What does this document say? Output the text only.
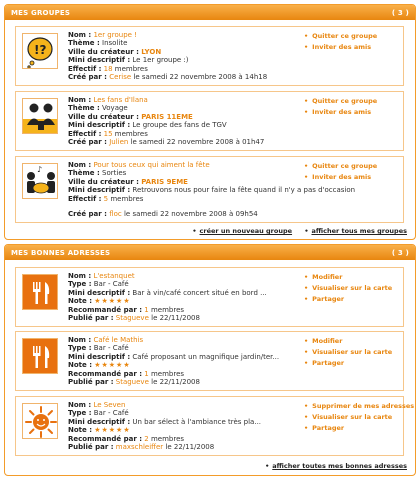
MES GROUPES	( 3 )
!?
Nom : 1er groupe !
Thème : Insolite
Ville du créateur : LYON
Mini descriptif : Le 1er groupe :)
Effectif : 18 membres
Créé par : Cerise le samedi 22 novembre 2008 à 14h18
• Quitter ce groupe
• Inviter des amis
Nom : Les fans d'Ilana
Thème : Voyage
Ville du créateur : PARIS 11EME
Mini descriptif : Le groupe des fans de TGV
Effectif : 15 membres
Créé par : Julien le samedi 22 novembre 2008 à 01h47
• Quitter ce groupe
• Inviter des amis
♪	Nom : Pour tous ceux qui aiment la fête
Thème : Sorties
Ville du créateur : PARIS 9EME
Mini descriptif : Retrouvons nous pour faire la fête quand il n'y a pas d'occasion
Effectif : 5 membres
Créé par : floc le samedi 22 novembre 2008 à 09h54
• Quitter ce groupe
• Inviter des amis
• créer un nouveau groupe •	afficher tous mes groupes
MES BONNES ADRESSES	( 3 )
Nom : L'estanquet
Type : Bar - Café
Mini descriptif : Bar à vin/café concert situé en bord ...
Note : ★★★★★
Recommandé par : 1 membres
Publié par : Stagueve le 22/11/2008
• Modifier
• Visualiser sur la carte
• Partager
Nom : Café le Mathis
Type : Bar - Café
Mini descriptif : Café proposant un magnifique jardin/ter...
Note : ★★★★★
Recommandé par : 1 membres
Publié par : Stagueve le 22/11/2008
• Modifier
• Visualiser sur la carte
• Partager
Nom : Le Seven
Type : Bar - Café
Mini descriptif : Un bar sélect à l'ambiance très pla...
Note : ★★★★★
Recommandé par : 2 membres
Publié par : maxschleiffer le 22/11/2008
• Supprimer de mes adresses
• Visualiser sur la carte
• Partager
• afficher toutes mes bonnes adresses
